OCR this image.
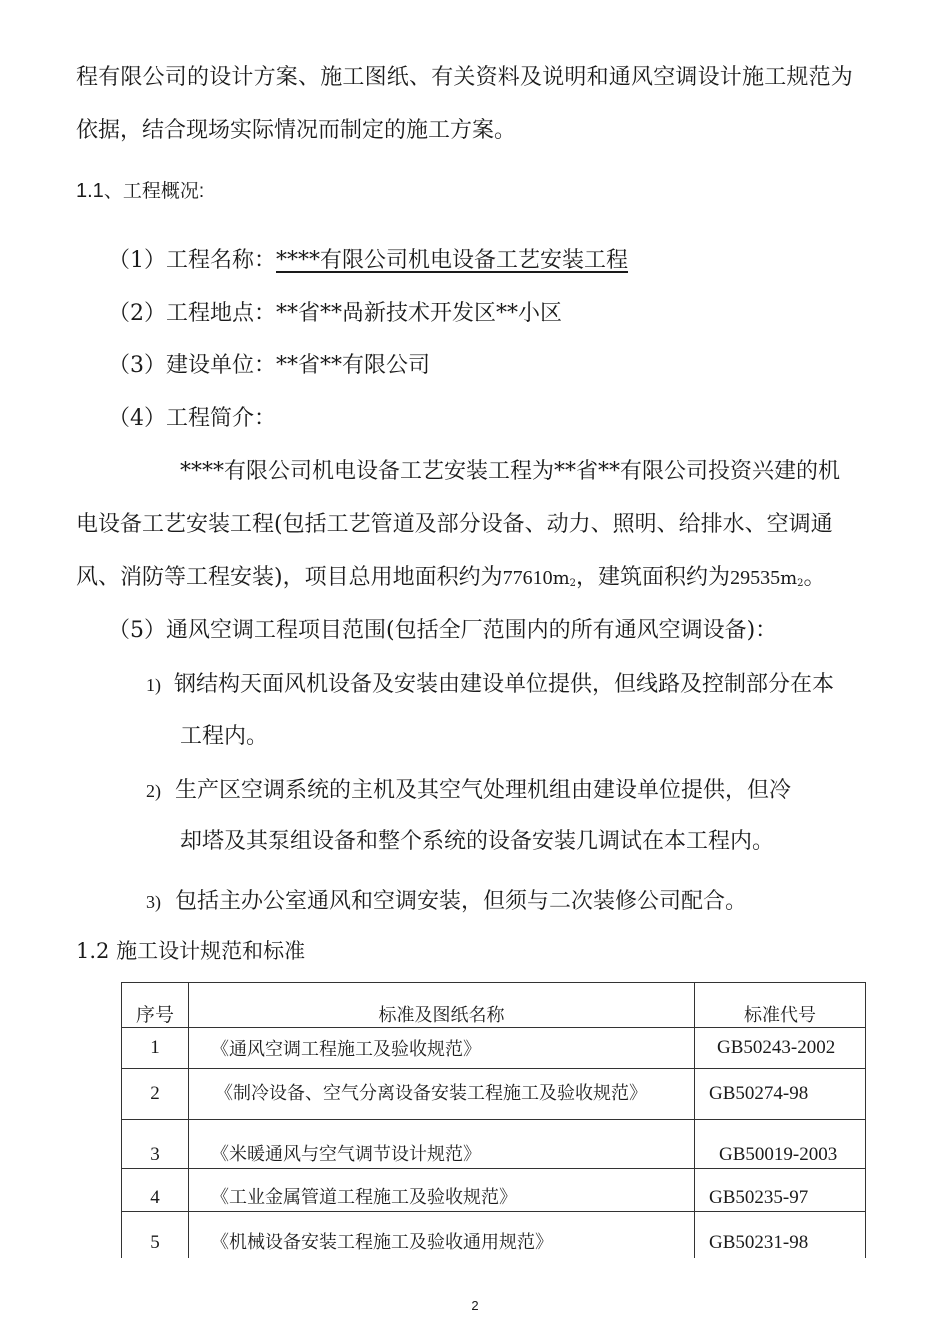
程有限公司的设计方案、施工图纸、有关资料及说明和通风空调设计施工规范为
依据，结合现场实际情况而制定的施工方案。
1.1、工程概况:
（1）工程名称：****有限公司机电设备工艺安装工程
（2）工程地点：**省**咼新技术开发区**小区
（3）建设单位：**省**有限公司
（4）工程简介：
****有限公司机电设备工艺安装工程为**省**有限公司投资兴建的机
电设备工艺安装工程(包括工艺管道及部分设备、动力、照明、给排水、空调通
风、消防等工程安装)，项目总用地面积约为$77610m_2$，建筑面积约为$29535m_2$。
（5）通风空调工程项目范围(包括全厂范围内的所有通风空调设备)：
1) 钢结构天面风机设备及安装由建设单位提供，但线路及控制部分在本
工程内。
2) 生产区空调系统的主机及其空气处理机组由建设单位提供，但冷
却塔及其泵组设备和整个系统的设备安装几调试在本工程内。
3) 包括主办公室通风和空调安装，但须与二次装修公司配合。
1.2 施工设计规范和标准
序号	标准及图纸名称	标准代号
1	《通风空调工程施工及验收规范》	GB50243-2002
2	《制冷设备、空气分离设备安装工程施工及验收规范》	GB50274-98
3	《米暖通风与空气调节设计规范》	GB50019-2003
4	《工业金属管道工程施工及验收规范》	GB50235-97
5	《机械设备安装工程施工及验收通用规范》	GB50231-98
2
